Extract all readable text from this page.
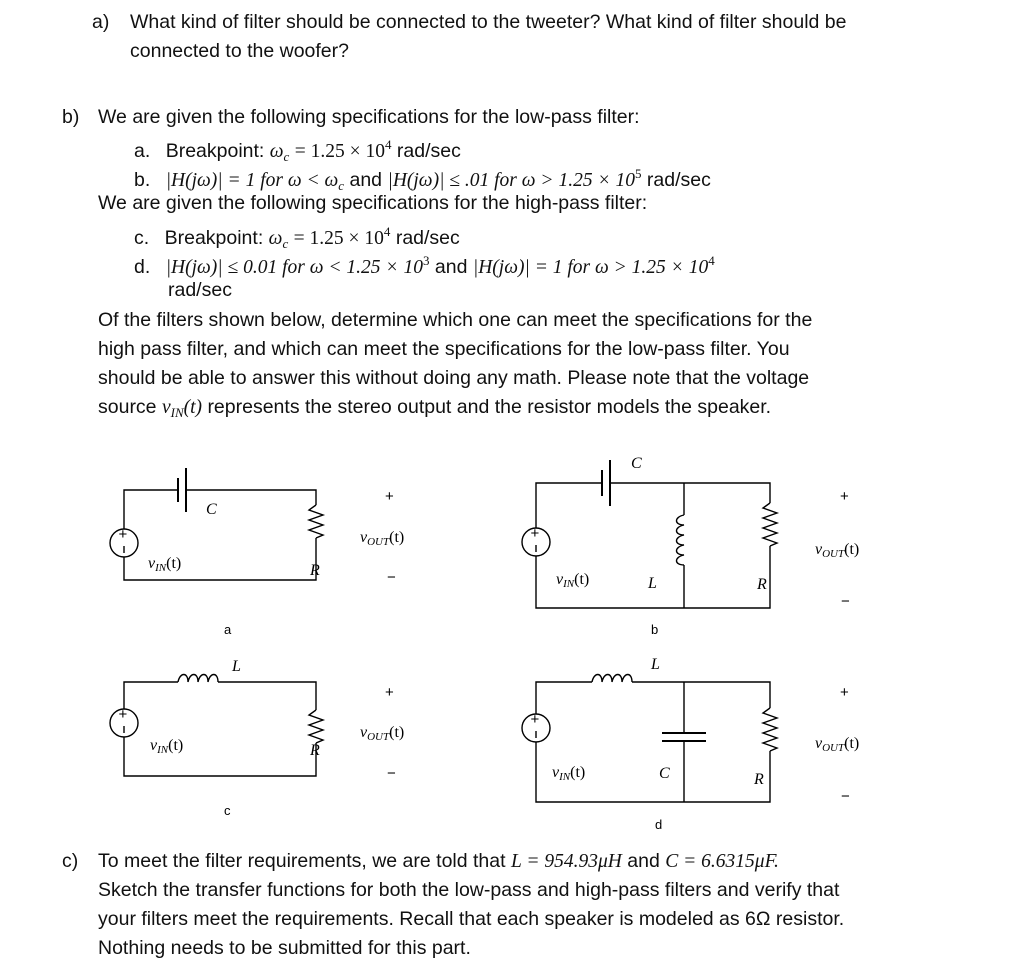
a) What kind of filter should be connected to the tweeter? What kind of filter should be
connected to the woofer?
b) We are given the following specifications for the low-pass filter:
a. Breakpoint: $\omega_c = 1.25 \times 10^4$ rad/sec
b. |H(jω)| = 1 for $\omega < \omega_c$ and |H(jω)| ≤ .01 for $\omega > 1.25 \times 10^5$ rad/sec
We are given the following specifications for the high-pass filter:
c. Breakpoint: $\omega_c = 1.25 \times 10^4$ rad/sec
d. |H(jω)| ≤ 0.01 for $\omega < 1.25 \times 10^3$ and |H(jω)| = 1 for $\omega > 1.25 \times 10^4$
rad/sec
Of the filters shown below, determine which one can meet the specifications for the
high pass filter, and which can meet the specifications for the low-pass filter. You
should be able to answer this without doing any math. Please note that the voltage
source $v_{IN}(t)$ represents the stereo output and the resistor models the speaker.
+
C
R
vIN(t)
+
vOUT(t)
−
a
+
C
L	R
vIN(t)
+
vOUT(t)
−
b
+
L
R
vIN(t)
+
vOUT(t)
−
c
+
L
C	R
vIN(t)
+
vOUT(t)
−
d
c) To meet the filter requirements, we are told that L = 954.93μH and C = 6.6315μF.
Sketch the transfer functions for both the low-pass and high-pass filters and verify that
your filters meet the requirements. Recall that each speaker is modeled as 6Ω resistor.
Nothing needs to be submitted for this part.
